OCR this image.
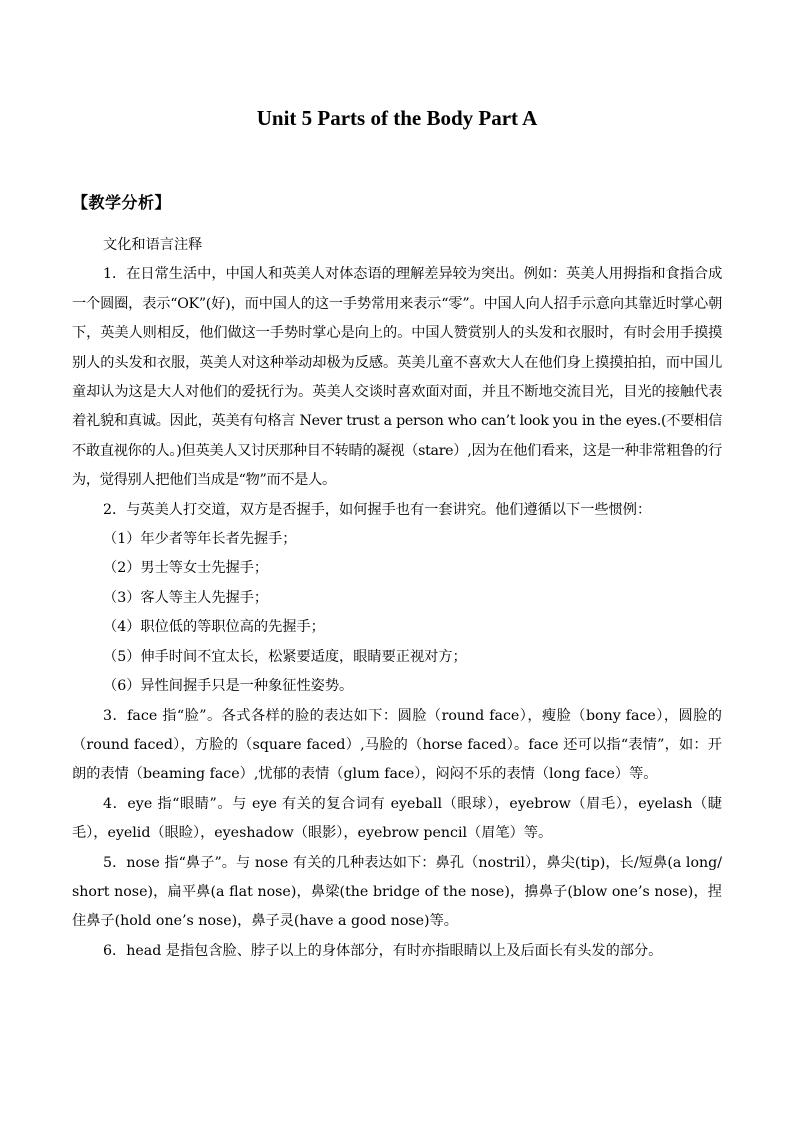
Unit 5 Parts of the Body Part A
【教学分析】

文化和语言注释

1．在日常生活中，中国人和英美人对体态语的理解差异较为突出。例如：英美人用拇指和食指合成一个圆圈，表示“OK”(好)，而中国人的这一手势常用来表示“零”。中国人向人招手示意向其靠近时掌心朝下，英美人则相反，他们做这一手势时掌心是向上的。中国人赞赏别人的头发和衣服时，有时会用手摸摸别人的头发和衣服，英美人对这种举动却极为反感。英美儿童不喜欢大人在他们身上摸摸拍拍，而中国儿童却认为这是大人对他们的爱抚行为。英美人交谈时喜欢面对面，并且不断地交流目光，目光的接触代表着礼貌和真诚。因此，英美有句格言 Never trust a person who can’t look you in the eyes.(不要相信不敢直视你的人。)但英美人又讨厌那种目不转睛的凝视（stare）,因为在他们看来，这是一种非常粗鲁的行为，觉得别人把他们当成是“物”而不是人。

2．与英美人打交道，双方是否握手，如何握手也有一套讲究。他们遵循以下一些惯例：

（1）年少者等年长者先握手；

（2）男士等女士先握手；

（3）客人等主人先握手；

（4）职位低的等职位高的先握手；

（5）伸手时间不宜太长，松紧要适度，眼睛要正视对方；

（6）异性间握手只是一种象征性姿势。

3．face 指“脸”。各式各样的脸的表达如下：圆脸（round face），瘦脸（bony face），圆脸的（round faced），方脸的（square faced）,马脸的（horse faced）。face 还可以指“表情”，如：开朗的表情（beaming face）,忧郁的表情（glum face），闷闷不乐的表情（long face）等。

4．eye 指“眼睛”。与 eye 有关的复合词有 eyeball（眼球），eyebrow（眉毛），eyelash（睫毛），eyelid（眼睑），eyeshadow（眼影），eyebrow pencil（眉笔）等。

5．nose 指“鼻子”。与 nose 有关的几种表达如下：鼻孔（nostril），鼻尖(tip)，长/短鼻(a long/short nose)，扁平鼻(a flat nose)，鼻梁(the bridge of the nose)，擤鼻子(blow one’s nose)，捏住鼻子(hold one’s nose)，鼻子灵(have a good nose)等。

6．head 是指包含脸、脖子以上的身体部分，有时亦指眼睛以上及后面长有头发的部分。
